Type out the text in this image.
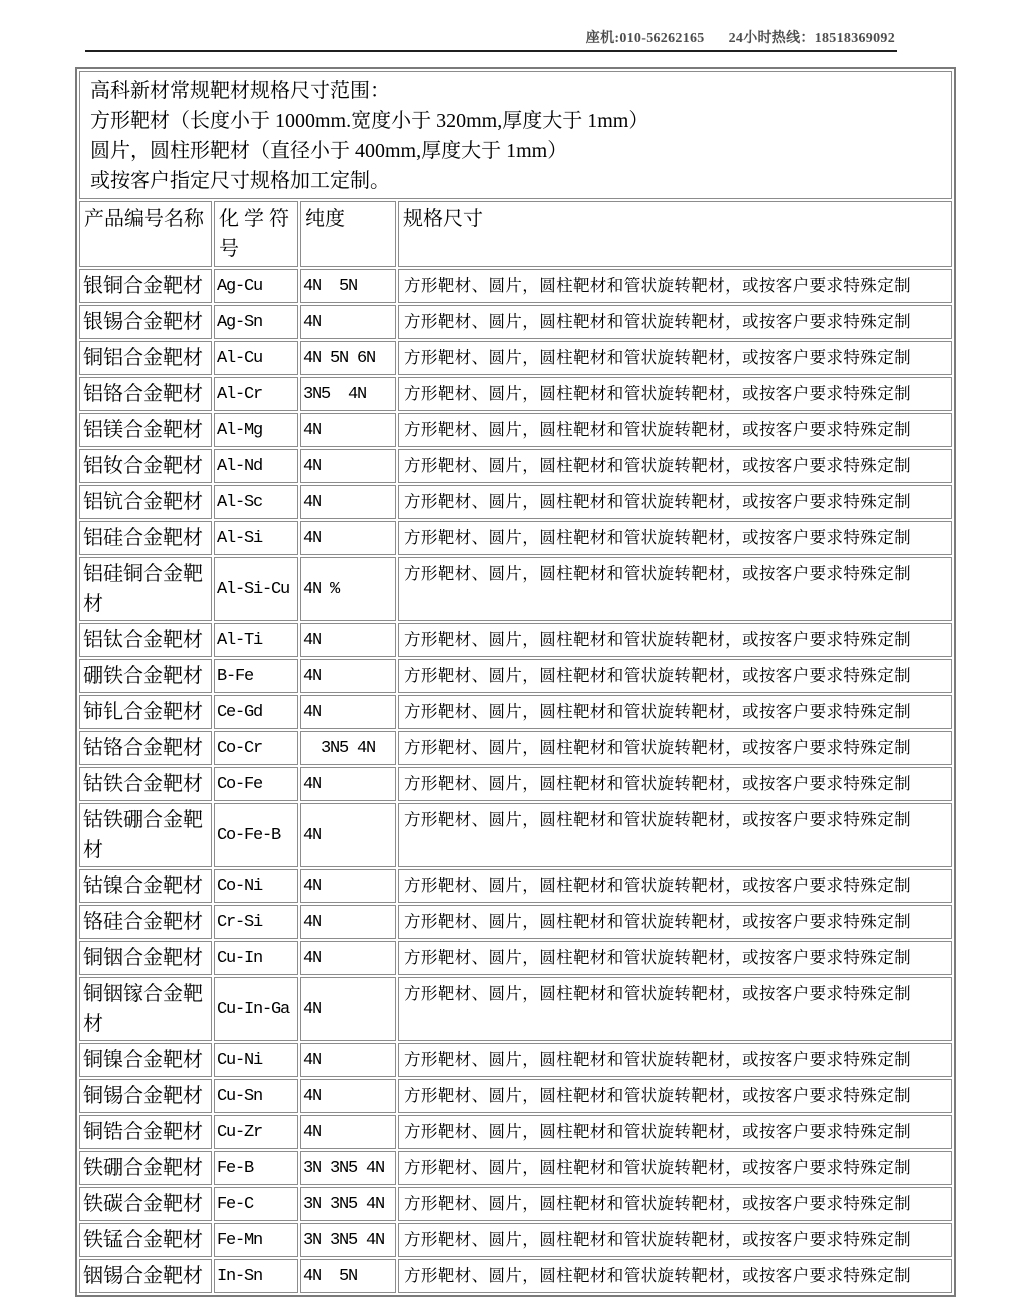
座机:010-56262165 24小时热线：18518369092
高科新材常规靶材规格尺寸范围：
方形靶材（长度小于 1000mm.宽度小于 320mm,厚度大于 1mm）
圆片，圆柱形靶材（直径小于 400mm,厚度大于 1mm）
或按客户指定尺寸规格加工定制。			

产品编号名称	化 学 符号	纯度	规格尺寸
银铜合金靶材	Ag-Cu	4N  5N	方形靶材、圆片，圆柱靶材和管状旋转靶材，或按客户要求特殊定制
银锡合金靶材	Ag-Sn	4N	方形靶材、圆片，圆柱靶材和管状旋转靶材，或按客户要求特殊定制
铜铝合金靶材	Al-Cu	4N 5N 6N	方形靶材、圆片，圆柱靶材和管状旋转靶材，或按客户要求特殊定制
铝铬合金靶材	Al-Cr	3N5  4N	方形靶材、圆片，圆柱靶材和管状旋转靶材，或按客户要求特殊定制
铝镁合金靶材	Al-Mg	4N	方形靶材、圆片，圆柱靶材和管状旋转靶材，或按客户要求特殊定制
铝钕合金靶材	Al-Nd	4N	方形靶材、圆片，圆柱靶材和管状旋转靶材，或按客户要求特殊定制
铝钪合金靶材	Al-Sc	4N	方形靶材、圆片，圆柱靶材和管状旋转靶材，或按客户要求特殊定制
铝硅合金靶材	Al-Si	4N	方形靶材、圆片，圆柱靶材和管状旋转靶材，或按客户要求特殊定制
铝硅铜合金靶材	Al-Si-Cu	4N %	方形靶材、圆片，圆柱靶材和管状旋转靶材，或按客户要求特殊定制
铝钛合金靶材	Al-Ti	4N	方形靶材、圆片，圆柱靶材和管状旋转靶材，或按客户要求特殊定制
硼铁合金靶材	B-Fe	4N	方形靶材、圆片，圆柱靶材和管状旋转靶材，或按客户要求特殊定制
铈钆合金靶材	Ce-Gd	4N	方形靶材、圆片，圆柱靶材和管状旋转靶材，或按客户要求特殊定制
钴铬合金靶材	Co-Cr	3N5 4N	方形靶材、圆片，圆柱靶材和管状旋转靶材，或按客户要求特殊定制
钴铁合金靶材	Co-Fe	4N	方形靶材、圆片，圆柱靶材和管状旋转靶材，或按客户要求特殊定制
钴铁硼合金靶材	Co-Fe-B	4N	方形靶材、圆片，圆柱靶材和管状旋转靶材，或按客户要求特殊定制
钴镍合金靶材	Co-Ni	4N	方形靶材、圆片，圆柱靶材和管状旋转靶材，或按客户要求特殊定制
铬硅合金靶材	Cr-Si	4N	方形靶材、圆片，圆柱靶材和管状旋转靶材，或按客户要求特殊定制
铜铟合金靶材	Cu-In	4N	方形靶材、圆片，圆柱靶材和管状旋转靶材，或按客户要求特殊定制
铜铟镓合金靶材	Cu-In-Ga	4N	方形靶材、圆片，圆柱靶材和管状旋转靶材，或按客户要求特殊定制
铜镍合金靶材	Cu-Ni	4N	方形靶材、圆片，圆柱靶材和管状旋转靶材，或按客户要求特殊定制
铜锡合金靶材	Cu-Sn	4N	方形靶材、圆片，圆柱靶材和管状旋转靶材，或按客户要求特殊定制
铜锆合金靶材	Cu-Zr	4N	方形靶材、圆片，圆柱靶材和管状旋转靶材，或按客户要求特殊定制
铁硼合金靶材	Fe-B	3N 3N5 4N	方形靶材、圆片，圆柱靶材和管状旋转靶材，或按客户要求特殊定制
铁碳合金靶材	Fe-C	3N 3N5 4N	方形靶材、圆片，圆柱靶材和管状旋转靶材，或按客户要求特殊定制
铁锰合金靶材	Fe-Mn	3N 3N5 4N	方形靶材、圆片，圆柱靶材和管状旋转靶材，或按客户要求特殊定制
铟锡合金靶材	In-Sn	4N  5N	方形靶材、圆片，圆柱靶材和管状旋转靶材，或按客户要求特殊定制
